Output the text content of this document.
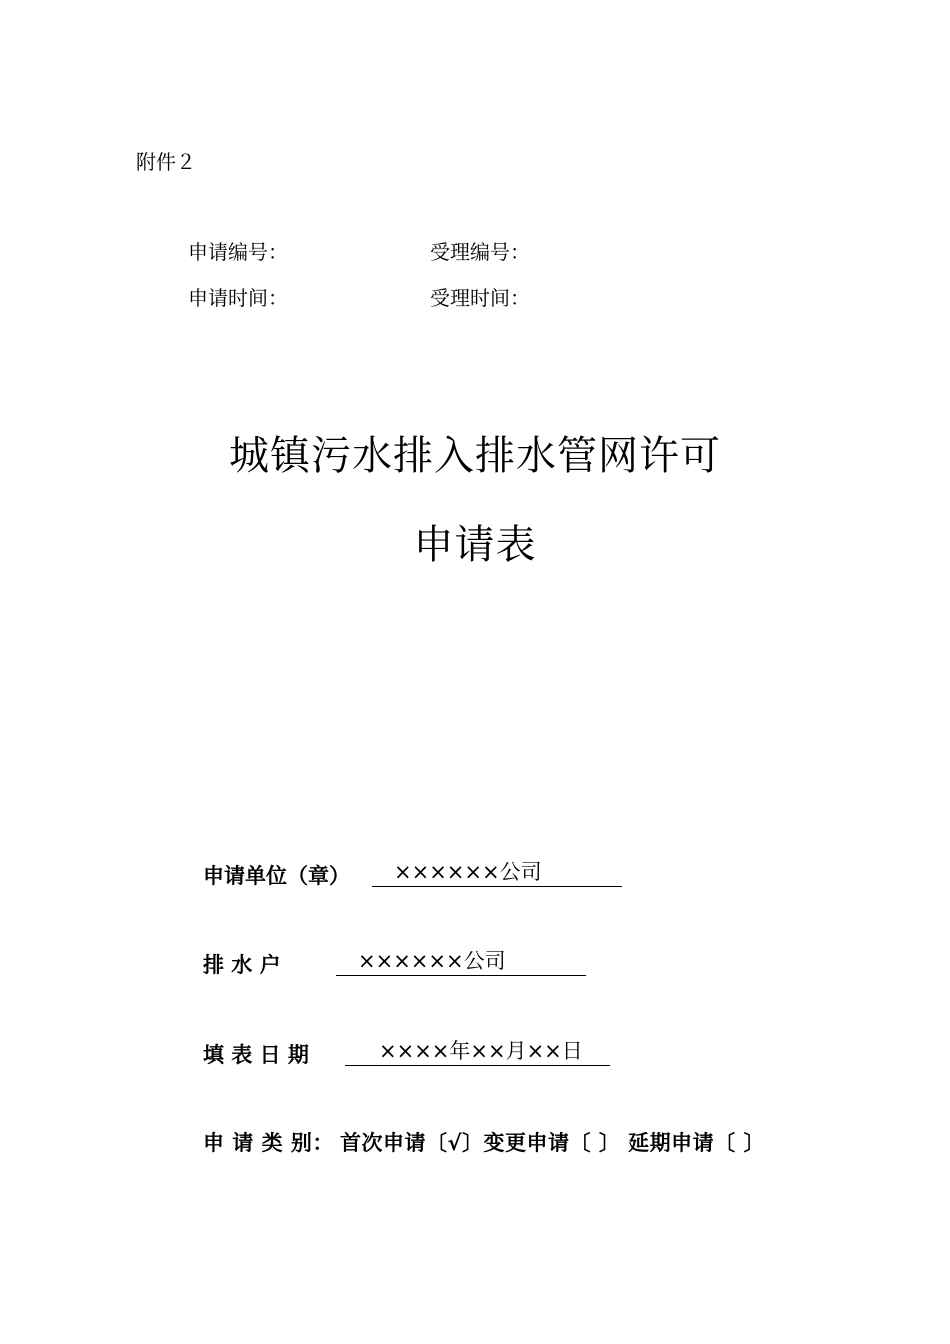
附件２
申请编号：	受理编号：
申请时间：	受理时间：
城镇污水排入排水管网许可
申请表
申请单位（章） ××××××公司
排 水 户	××××××公司
填 表 日 期	××××年××月××日
申 请 类 别： 首次申请〔√〕变更申请〔 〕 延期申请〔 〕
